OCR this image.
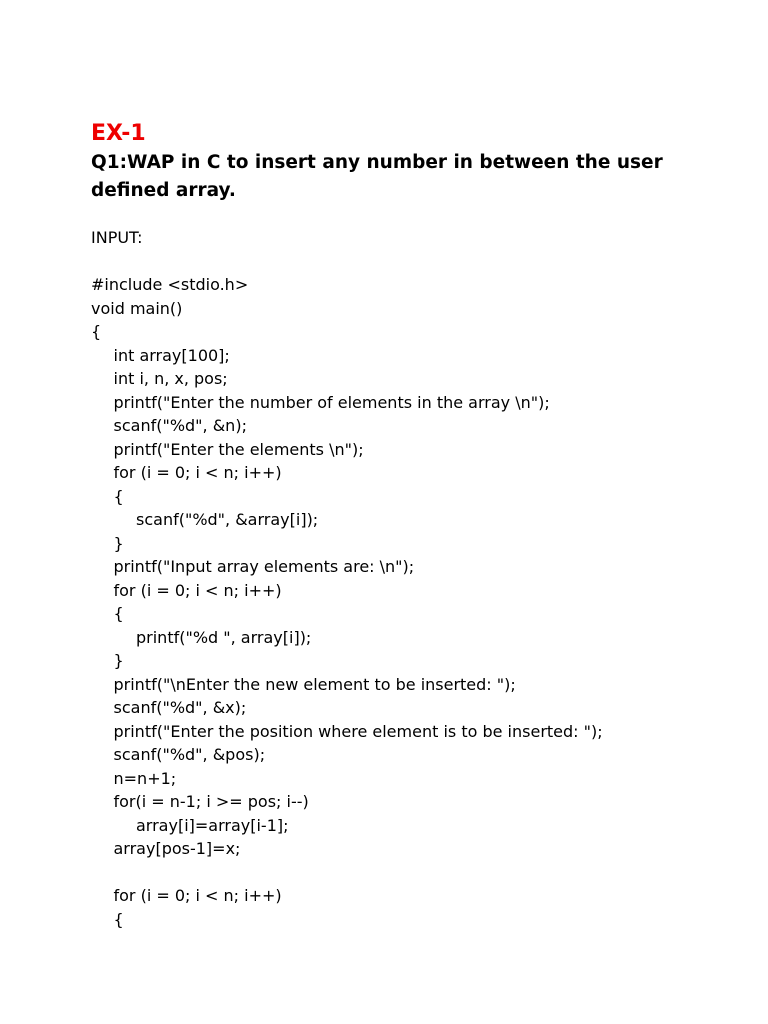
EX-1
Q1:WAP in C to insert any number in between the user defined array.

INPUT:

#include <stdio.h>
void main()
{
int array[100];
int i, n, x, pos;
printf("Enter the number of elements in the array \n");
scanf("%d", &n);
printf("Enter the elements \n");
for (i = 0; i < n; i++)
{
scanf("%d", &array[i]);
}
printf("Input array elements are: \n");
for (i = 0; i < n; i++)
{
printf("%d ", array[i]);
}
printf("\nEnter the new element to be inserted: ");
scanf("%d", &x);
printf("Enter the position where element is to be inserted: ");
scanf("%d", &pos);
n=n+1;
for(i = n-1; i >= pos; i--)
array[i]=array[i-1];
array[pos-1]=x;
for (i = 0; i < n; i++)
{
